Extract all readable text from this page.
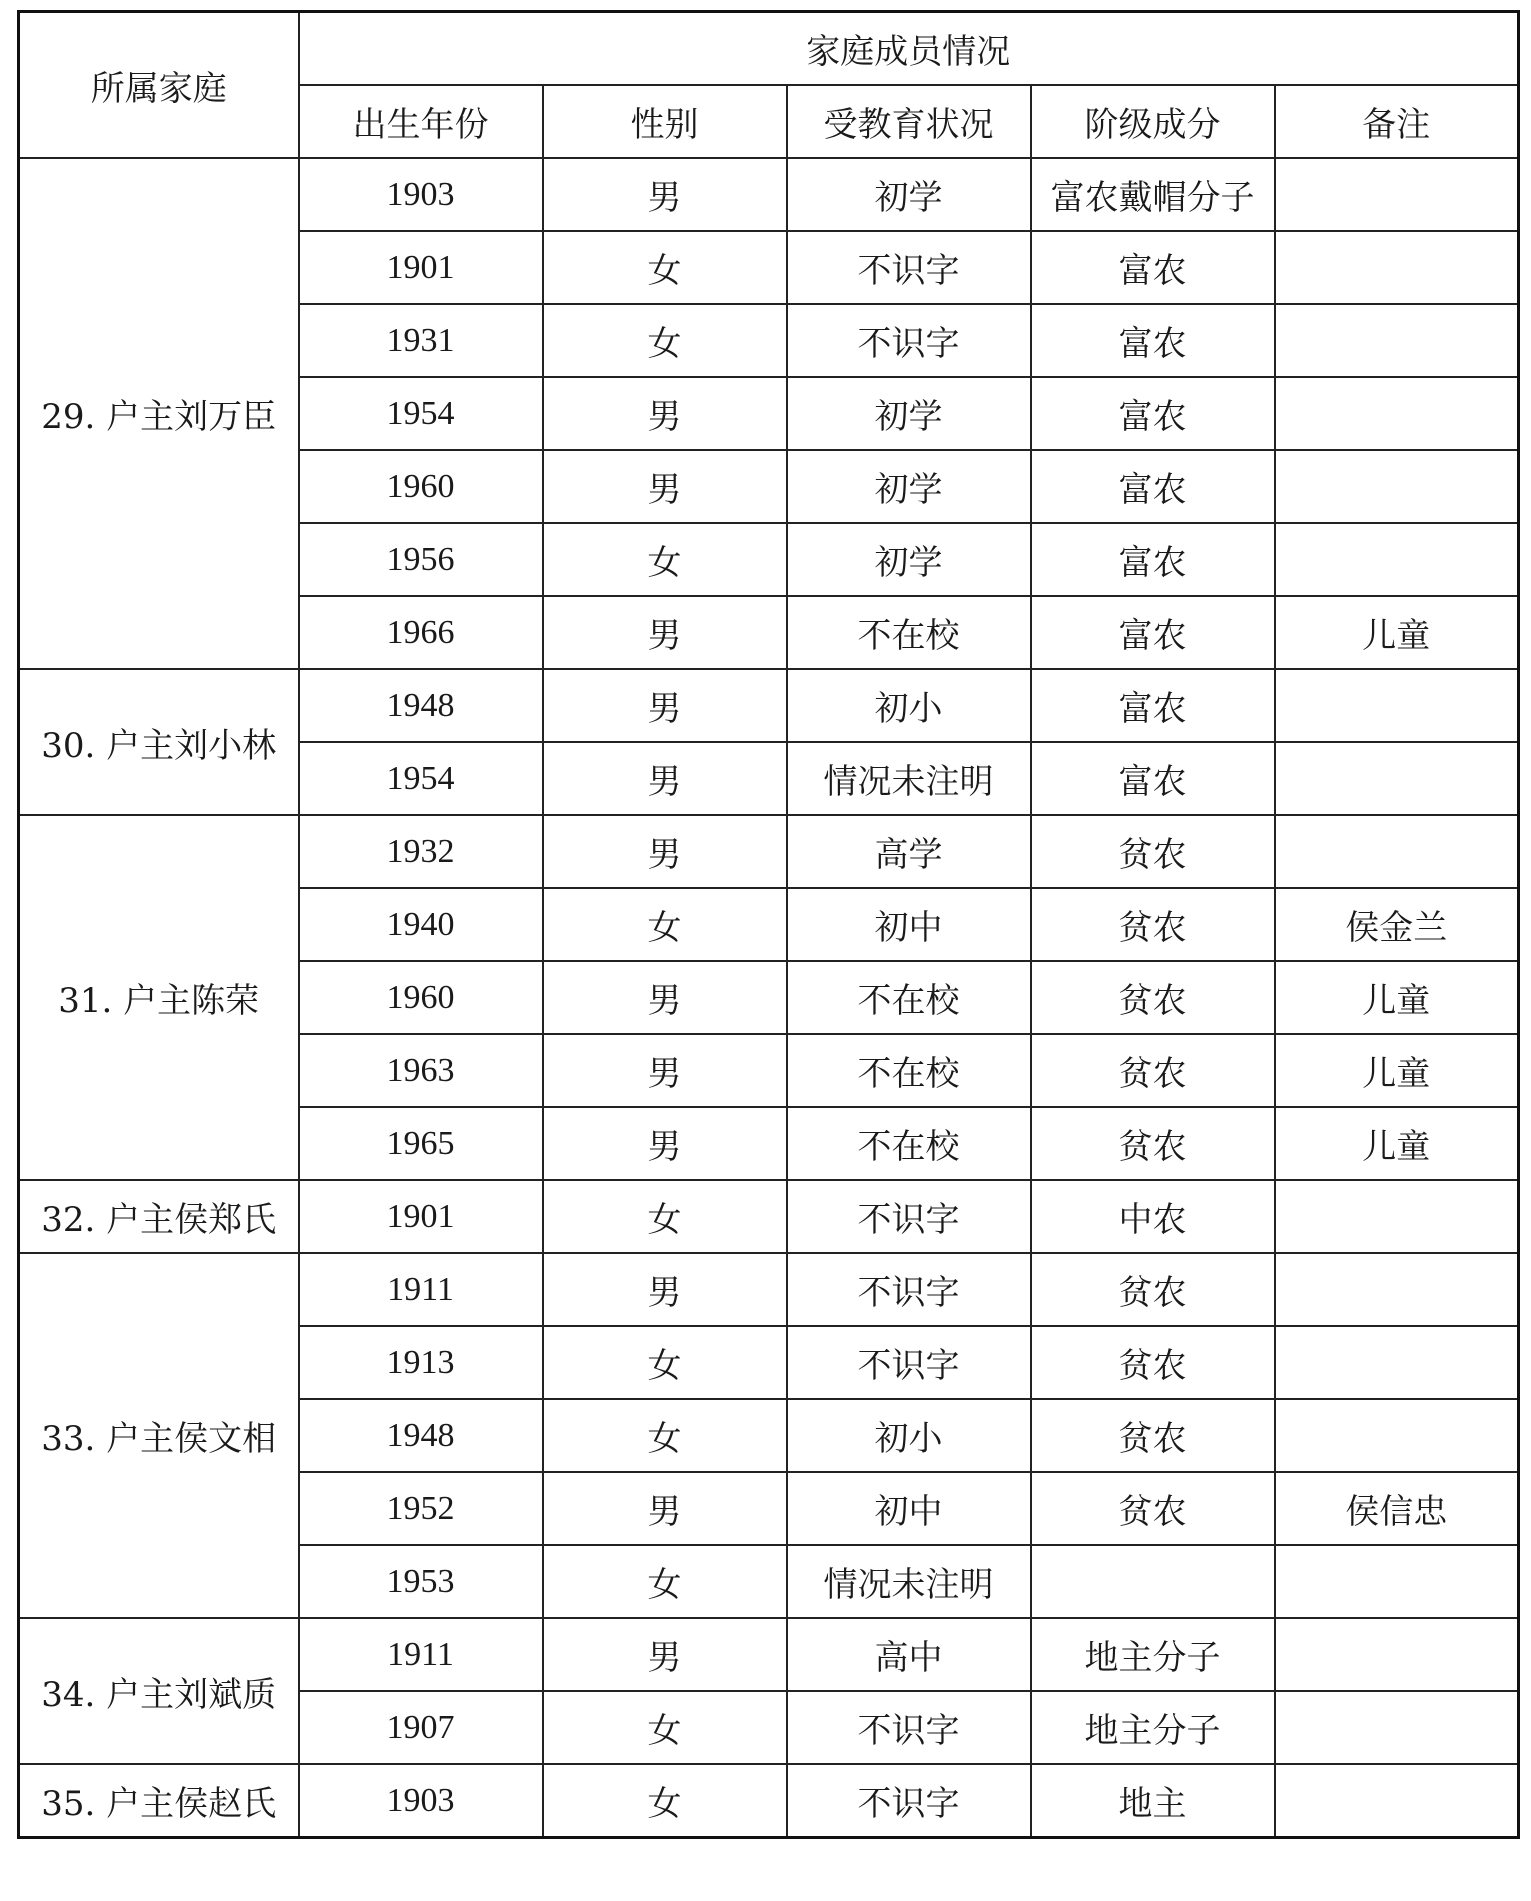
所属家庭	家庭成员情况				
	出生年份	性别	受教育状况	阶级成分	备注
29. 户主刘万臣	1903	男	初学	富农戴帽分子	
	1901	女	不识字	富农	
	1931	女	不识字	富农	
	1954	男	初学	富农	
	1960	男	初学	富农	
	1956	女	初学	富农	
	1966	男	不在校	富农	儿童
30. 户主刘小林	1948	男	初小	富农	
	1954	男	情况未注明	富农	
31. 户主陈荣	1932	男	高学	贫农	
	1940	女	初中	贫农	侯金兰
	1960	男	不在校	贫农	儿童
	1963	男	不在校	贫农	儿童
	1965	男	不在校	贫农	儿童
32. 户主侯郑氏	1901	女	不识字	中农	
33. 户主侯文相	1911	男	不识字	贫农	
	1913	女	不识字	贫农	
	1948	女	初小	贫农	
	1952	男	初中	贫农	侯信忠
	1953	女	情况未注明		
34. 户主刘斌质	1911	男	高中	地主分子	
	1907	女	不识字	地主分子	
35. 户主侯赵氏	1903	女	不识字	地主	
